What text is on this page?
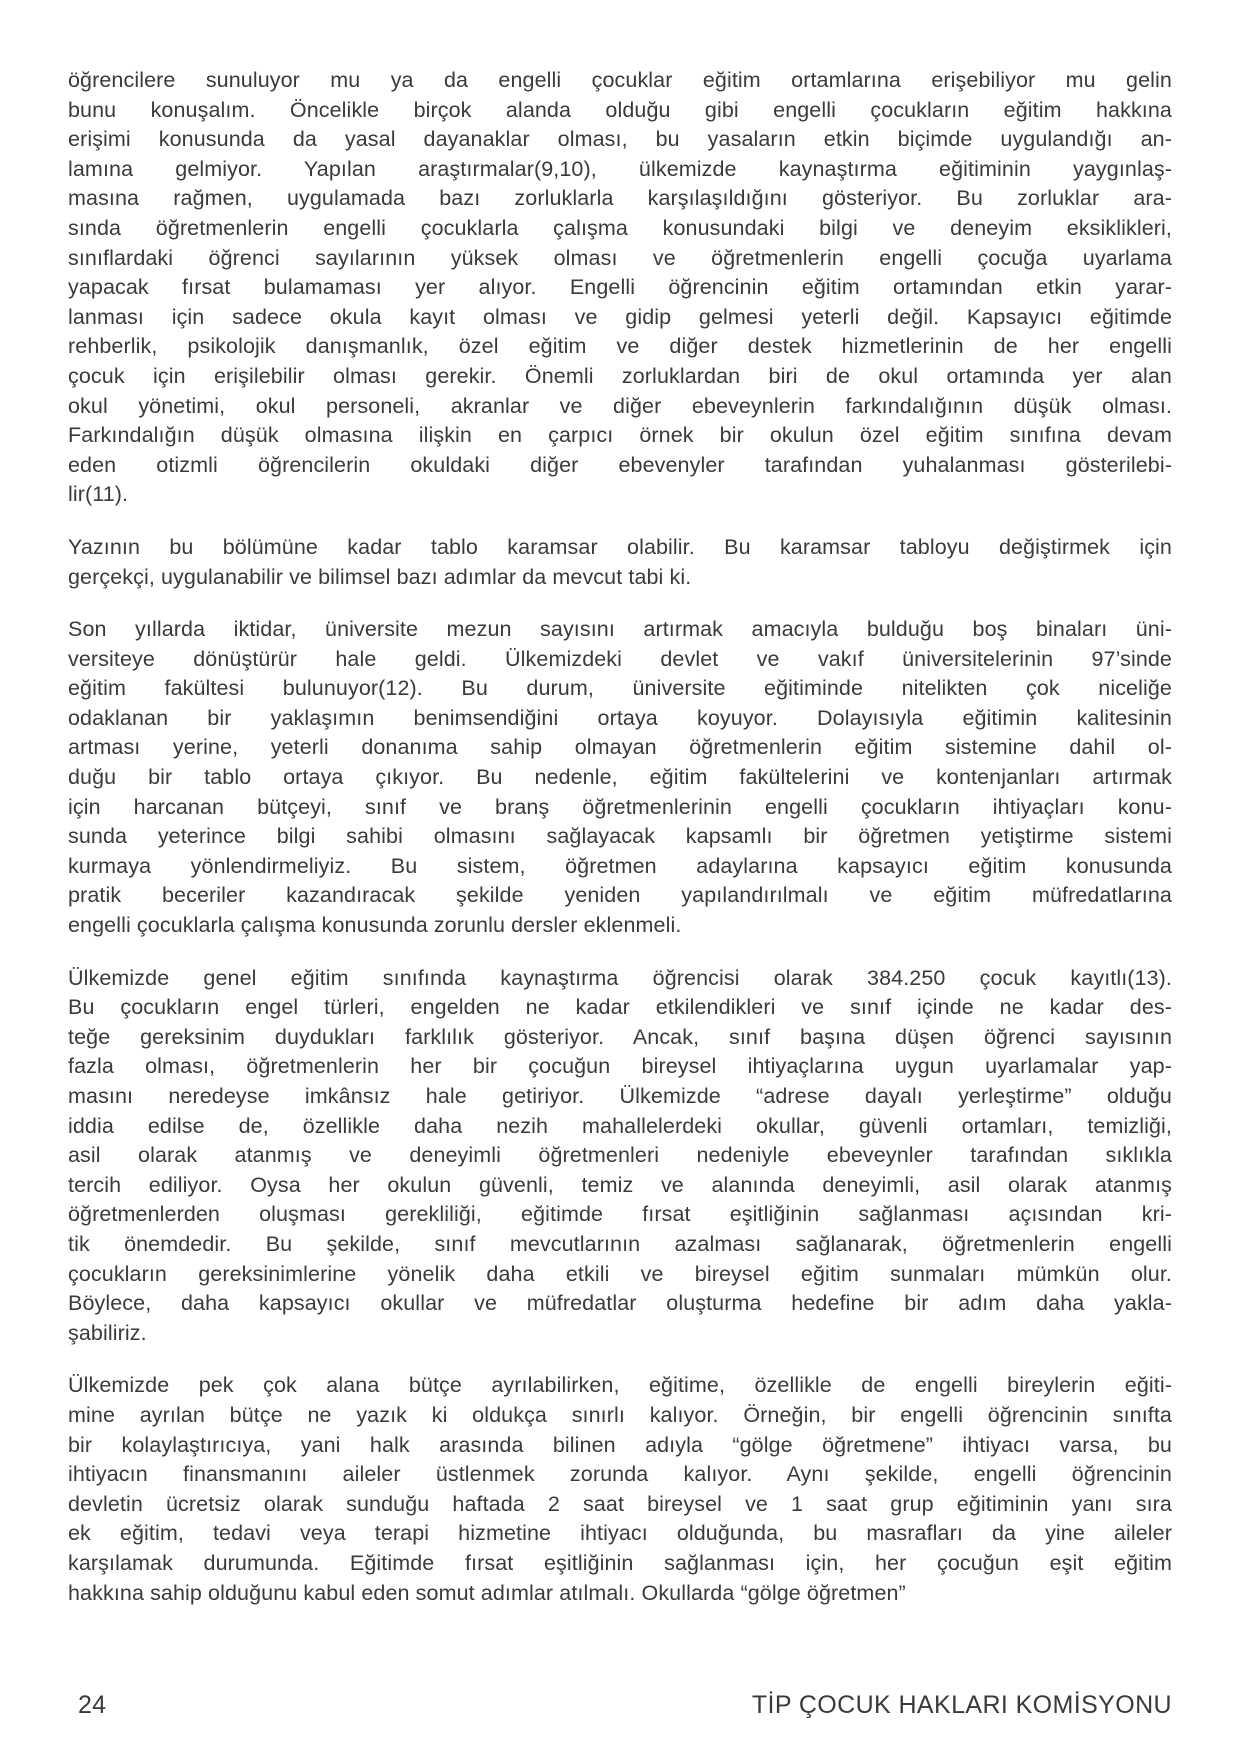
öğrencilere sunuluyor mu ya da engelli çocuklar eğitim ortamlarına erişebiliyor mu gelin
bunu konuşalım. Öncelikle birçok alanda olduğu gibi engelli çocukların eğitim hakkına
erişimi konusunda da yasal dayanaklar olması, bu yasaların etkin biçimde uygulandığı an-
lamına gelmiyor. Yapılan araştırmalar(9,10), ülkemizde kaynaştırma eğitiminin yaygınlaş-
masına rağmen, uygulamada bazı zorluklarla karşılaşıldığını gösteriyor. Bu zorluklar ara-
sında öğretmenlerin engelli çocuklarla çalışma konusundaki bilgi ve deneyim eksiklikleri,
sınıflardaki öğrenci sayılarının yüksek olması ve öğretmenlerin engelli çocuğa uyarlama
yapacak fırsat bulamaması yer alıyor. Engelli öğrencinin eğitim ortamından etkin yarar-
lanması için sadece okula kayıt olması ve gidip gelmesi yeterli değil. Kapsayıcı eğitimde
rehberlik, psikolojik danışmanlık, özel eğitim ve diğer destek hizmetlerinin de her engelli
çocuk için erişilebilir olması gerekir. Önemli zorluklardan biri de okul ortamında yer alan
okul yönetimi, okul personeli, akranlar ve diğer ebeveynlerin farkındalığının düşük olması.
Farkındalığın düşük olmasına ilişkin en çarpıcı örnek bir okulun özel eğitim sınıfına devam
eden otizmli öğrencilerin okuldaki diğer ebevenyler tarafından yuhalanması gösterilebi-
lir(11).

Yazının bu bölümüne kadar tablo karamsar olabilir. Bu karamsar tabloyu değiştirmek için
gerçekçi, uygulanabilir ve bilimsel bazı adımlar da mevcut tabi ki.

Son yıllarda iktidar, üniversite mezun sayısını artırmak amacıyla bulduğu boş binaları üni-
versiteye dönüştürür hale geldi. Ülkemizdeki devlet ve vakıf üniversitelerinin 97’sinde
eğitim fakültesi bulunuyor(12). Bu durum, üniversite eğitiminde nitelikten çok niceliğe
odaklanan bir yaklaşımın benimsendiğini ortaya koyuyor. Dolayısıyla eğitimin kalitesinin
artması yerine, yeterli donanıma sahip olmayan öğretmenlerin eğitim sistemine dahil ol-
duğu bir tablo ortaya çıkıyor. Bu nedenle, eğitim fakültelerini ve kontenjanları artırmak
için harcanan bütçeyi, sınıf ve branş öğretmenlerinin engelli çocukların ihtiyaçları konu-
sunda yeterince bilgi sahibi olmasını sağlayacak kapsamlı bir öğretmen yetiştirme sistemi
kurmaya yönlendirmeliyiz. Bu sistem, öğretmen adaylarına kapsayıcı eğitim konusunda
pratik beceriler kazandıracak şekilde yeniden yapılandırılmalı ve eğitim müfredatlarına
engelli çocuklarla çalışma konusunda zorunlu dersler eklenmeli.

Ülkemizde genel eğitim sınıfında kaynaştırma öğrencisi olarak 384.250 çocuk kayıtlı(13).
Bu çocukların engel türleri, engelden ne kadar etkilendikleri ve sınıf içinde ne kadar des-
teğe gereksinim duydukları farklılık gösteriyor. Ancak, sınıf başına düşen öğrenci sayısının
fazla olması, öğretmenlerin her bir çocuğun bireysel ihtiyaçlarına uygun uyarlamalar yap-
masını neredeyse imkânsız hale getiriyor. Ülkemizde “adrese dayalı yerleştirme” olduğu
iddia edilse de, özellikle daha nezih mahallelerdeki okullar, güvenli ortamları, temizliği,
asil olarak atanmış ve deneyimli öğretmenleri nedeniyle ebeveynler tarafından sıklıkla
tercih ediliyor. Oysa her okulun güvenli, temiz ve alanında deneyimli, asil olarak atanmış
öğretmenlerden oluşması gerekliliği, eğitimde fırsat eşitliğinin sağlanması açısından kri-
tik önemdedir. Bu şekilde, sınıf mevcutlarının azalması sağlanarak, öğretmenlerin engelli
çocukların gereksinimlerine yönelik daha etkili ve bireysel eğitim sunmaları mümkün olur.
Böylece, daha kapsayıcı okullar ve müfredatlar oluşturma hedefine bir adım daha yakla-
şabiliriz.

Ülkemizde pek çok alana bütçe ayrılabilirken, eğitime, özellikle de engelli bireylerin eğiti-
mine ayrılan bütçe ne yazık ki oldukça sınırlı kalıyor. Örneğin, bir engelli öğrencinin sınıfta
bir kolaylaştırıcıya, yani halk arasında bilinen adıyla “gölge öğretmene” ihtiyacı varsa, bu
ihtiyacın finansmanını aileler üstlenmek zorunda kalıyor. Aynı şekilde, engelli öğrencinin
devletin ücretsiz olarak sunduğu haftada 2 saat bireysel ve 1 saat grup eğitiminin yanı sıra
ek eğitim, tedavi veya terapi hizmetine ihtiyacı olduğunda, bu masrafları da yine aileler
karşılamak durumunda. Eğitimde fırsat eşitliğinin sağlanması için, her çocuğun eşit eğitim
hakkına sahip olduğunu kabul eden somut adımlar atılmalı. Okullarda “gölge öğretmen”

24	TİP ÇOCUK HAKLARI KOMİSYONU
